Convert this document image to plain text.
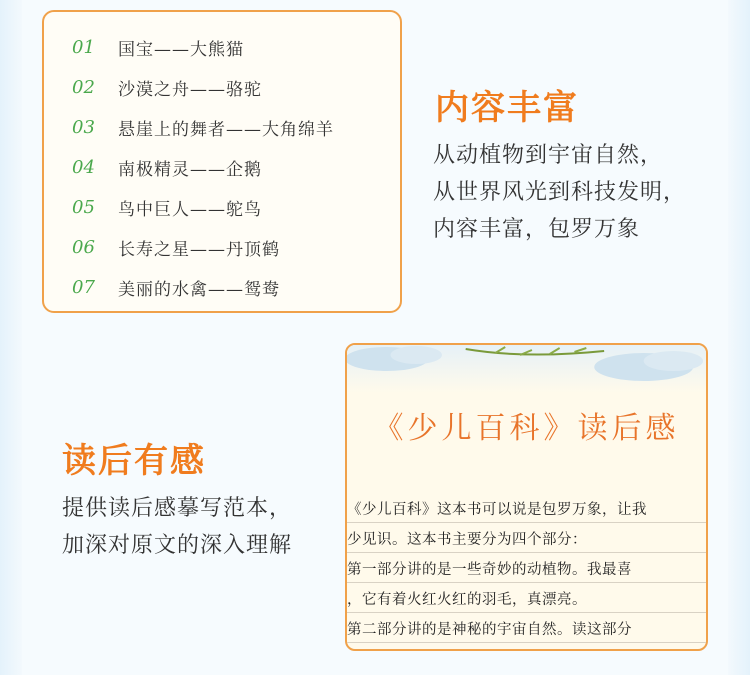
01	国宝——大熊猫
02	沙漠之舟——骆驼
03	悬崖上的舞者——大角绵羊
04	南极精灵——企鹅
05	鸟中巨人——鸵鸟
06	长寿之星——丹顶鹤
07	美丽的水禽——鸳鸯
内容丰富
从动植物到宇宙自然，
从世界风光到科技发明，
内容丰富，包罗万象
读后有感
提供读后感摹写范本，
加深对原文的深入理解
《少儿百科》读后感
《少儿百科》这本书可以说是包罗万象，让我
少见识。这本书主要分为四个部分：
第一部分讲的是一些奇妙的动植物。我最喜
，它有着火红火红的羽毛，真漂亮。
第二部分讲的是神秘的宇宙自然。读这部分
